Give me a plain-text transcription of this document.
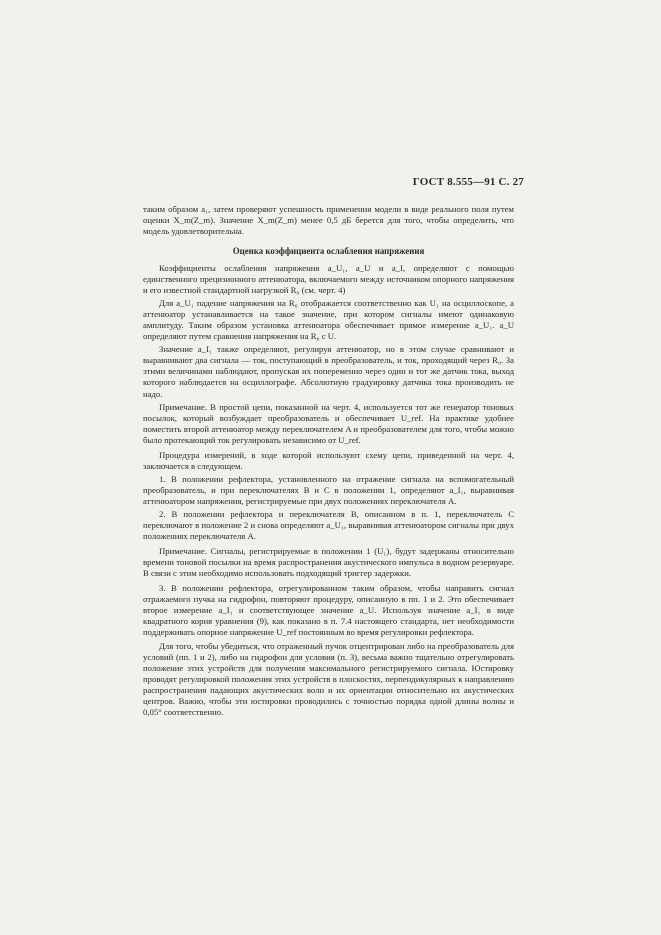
ГОСТ 8.555—91 С. 27

таким образом a₁, затем проверяют успешность применения модели в виде реального поля путем оценки X_m(Z_m). Значение X_m(Z_m) менее 0,5 дБ берется для того, чтобы определить, что модель удовлетворительна.

Оценка коэффициента ослабления напряжения

Коэффициенты ослабления напряжения a_U₁, a_U и a_I, определяют с помощью единственного прецизионного аттенюатора, включаемого между источником опорного напряжения и его известной стандартной нагрузкой R₀ (см. черт. 4)

Для a_U₁ падение напряжения на R₀ отображается соответственно как U₁ на осциллоскопе, а аттенюатор устанавливается на такое значение, при котором сигналы имеют одинаковую амплитуду. Таким образом установка аттенюатора обеспечивает прямое измерение a_U₁. a_U определяют путем сравнения напряжения на R₀ с U.

Значение a_I₁ также определяют, регулируя аттенюатор, но в этом случае сравнивают и выравнивают два сигнала — ток, поступающий в преобразователь, и ток, проходящий через R₀. За этими величинами наблюдают, пропуская их попеременно через один и тот же датчик тока, выход которого наблюдается на осциллографе. Абсолютную градуировку датчика тока производить не надо.

Примечание. В простой цепи, показанной на черт. 4, используется тот же генератор тоновых посылок, который возбуждает преобразователь и обеспечивает U_ref. На практике удобнее поместить второй аттенюатор между переключателем A и преобразователем для того, чтобы можно было протекающий ток регулировать независимо от U_ref.

Процедура измерений, в ходе которой используют схему цепи, приведенной на черт. 4, заключается в следующем.

1. В положении рефлектора, установленного на отражение сигнала на вспомогательный преобразователь, и при переключателях B и C в положении 1, определяют a_I₁, выравнивая аттенюатором напряжения, регистрируемые при двух положениях переключателя A.

2. В положении рефлектора и переключателя B, описанном в п. 1, переключатель C переключают в положение 2 и снова определяют a_U₁, выравнивая аттенюатором сигналы при двух положениях переключателя A.

Примечание. Сигналы, регистрируемые в положении 1 (U₁), будут задержаны относительно времени тоновой посылки на время распространения акустического импульса в водном резервуаре. В связи с этим необходимо использовать подходящий триггер задержки.

3. В положении рефлектора, отрегулированном таким образом, чтобы направить сигнал отражаемого пучка на гидрофон, повторяют процедуру, описанную в пп. 1 и 2. Это обеспечивает второе измерение a_I₁ и соответствующее значение a_U. Используя значение a_I₁ в виде квадратного корня уравнения (9), как показано в п. 7.4 настоящего стандарта, нет необходимости поддерживать опорное напряжение U_ref постоянным во время регулировки рефлектора.

Для того, чтобы убедиться, что отраженный пучок отцентрирован либо на преобразователь для условий (пп. 1 и 2), либо на гидрофон для условия (п. 3), весьма важно тщательно отрегулировать положение этих устройств для получения максимального регистрируемого сигнала. Юстировку проводят регулировкой положения этих устройств в плоскостях, перпендикулярных к направлению распространения падающих акустических волн и их ориентации относительно их акустических центров. Важно, чтобы эти юстировки проводились с точностью порядка одной длины волны и 0,05° соответственно.
